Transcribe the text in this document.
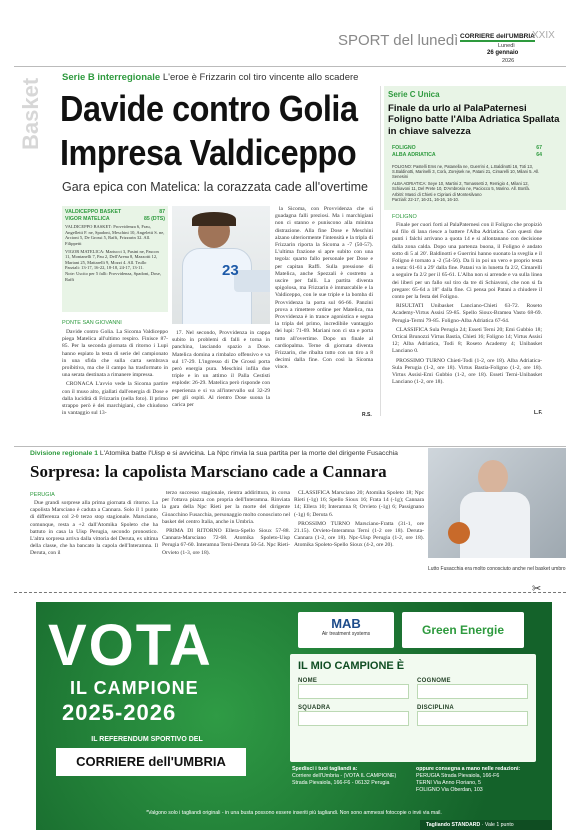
SPORT del lunedì CORRIERE dell'UMBRIA
Lunedì
26 gennaio
2026
XXIX
Basket
Serie B interregionale L'eroe è Frizzarin col tiro vincente allo scadere
Davide contro Golia
Impresa Valdiceppo
Gara epica con Matelica: la corazzata cade all'overtime
VALDICEPPO BASKET	87
VIGOR MATELICA	85 (DTS)
VALDICEPPO BASKET: Provvidenza 6, Frau, Angelletti F. ne, Spadoni, Meschini 10, Angeletti S. ne, Arcioni 5, De Grossi 5, Raffi, Frizzarin 32. All. Filippetti
VIGOR MATELICA: Mariucci 3, Pasini ne, Pascon 11, Montanelli 7, Pau 2, Dell'Arena 8, Mazzotti 12, Mariani 25, Mattarelli 9, Mozzi 4. All. Trullo
Parziali: 13-17, 16-22, 18-18, 24-17, 13-11.
Note: Uscito per 5 falli: Provvidenza, Spadoni, Dose, Raffi
23
PONTE SAN GIOVANNI

Davide contro Golia. La Sicoma Valdiceppo piega Matelica all'ultimo respiro. Finisce 87-85. Per la seconda giornata di ritorno i Lupi hanno espiato la testa di serie del campionato in una sfida che sulla carta sembrava proibitiva, ma che il campo ha trasformato in una serata destinata a rimanere impressa.

CRONACA L'avvio vede la Sicoma partire con il muso alto, giallati dall'energia di Dose e dalla lucidità di Frizzarin (nella foto). Il primo strappo però è dei marchigiani, che chiudono in vantaggio sul 13-

17. Nel secondo, Provvidenza in cappa subito in problemi di falli e torna in panchina, lasciando spazio a Dose. Matelica domina a rimbalzo offensivo e va sul 17-29. L'ingresso di De Grossi porta però energia pura. Meschini infila due triple e in un attimo il Palla Cestisti esplode: 26-29. Matelica però risponde con esperienza e si va all'intervallo sul 32-29 per gli ospiti. Al rientro Dose suona la carica per

la Sicoma, con Provvidenza che si guadagna falli preziosi. Ma i marchigiani non ci stanno e puniscono alla minima distrazione. Alla fine Dose e Meschini alzano ulteriormente l'intensità e la tripla di Frizzarin riporta la Sicoma a -7 (50-57). L'ultima frazione si apre subito con una tegola: quarto fallo personale per Dose e per capitan Raffi. Sulla pressione di Matelica, anche Spezzali è costretto a uscire per falli. La partita diventa spigolosa, ma Frizzarin è immarcabile e la Valdiceppo, con le sue triple e la bomba di Provvidenza la porta sul 66-66. Panzini prova a rimettere ordine per Matelica, ma Provvidenza è in trance agonistica e segna la tripla del primo, incredibile vantaggio dei lupi: 71-69. Mariani non ci sta e porta tutto all'overtime. Dopo un finale al cardiopalma. Terne di giornata diventa Frizzarin, che ribalta tutto con un tiro a 8 decimi dalla fine. Con così la Sicoma vince.

R.S.
Serie C Unica
Finale da urlo al PalaPaternesi Foligno batte l'Alba Adriatica Spallata in chiave salvezza
FOLIGNO	67
ALBA ADRIATICA	64
FOLIGNO: Pastelli Ems ne, Patanella ne, Guerrini 4, L.Baldinotti 16, Toti 13, S.Baldinotti, Marinelli 3, Corà, Zorejsek ne, Patani 21, Cimarelli 10, Milani 5. All. Senesini
ALBA ADRIATICA: Seye 10, Martini 2, Tomassetti 2, Remigio 4, Milani 12, Schiavoni 11, Del Prete 10, D'Ambrosio ne, Paciocco 5, Marino. All. Bonfà.
Arbitri: Masci di Chieti e Cipriani di Montesilvano
Parziali: 22-17, 16-21, 16-16, 16-10.
FOLIGNO

Finale per cuori forti al PalaPaternesi con il Foligno che propiziò sul filo di lana riesce a battere l'Alba Adriatica. Con questi due punti i falchi arrivano a quota 14 e si allontanano con decisione dalla zona calda. Dopo una partenza buona, il Foligno è andato sotto di 5 al 20'. Baldinotti e Guerrini hanno suonato la sveglia e il Foligno è tornato a -2 (54-56). Da lì in poi un vero e proprio testa a testa: 61-61 a 29' dalla fine. Patani va in lunetta fa 2/2, Cimarelli a seguire fa 2/2 per il 65-61. L'Alba non si arrende e va sulla linea dei liberi per un fallo sul tiro da tre di Schiavoni, che non si fa pregare: 65-64 a 18" dalla fine. Ci pensa poi Patani a chiudere il conto per la festa del Foligno.

RISULTATI Unibasket Lanciano-Chieti 63-72. Roseto Academy-Virtus Assisi 59-85. Spello Sioux-Bramea Vasto 68-69. Perugia-Termi 79-85. Foligno-Alba Adriatica 67-64.

CLASSIFICA Sula Perugia 24; Esseti Terni 20; Emi Gubbio 18; Orticai Brunozzi Virtus Bastia, Chieti 16; Foligno 14; Virtus Assisi 12; Alba Adriatica, Todi 8; Roseto Academy 4; Unibasket Lanciano 0.

PROSSIMO TURNO Chieti-Todi (1-2, ore 18). Alba Adriatica-Sula Perugia (1-2, ore 18). Virtus Bastia-Foligno (1-2, ore 18). Virtus Assisi-Emi Gubbio (1-2, ore 18). Esseti Terni-Unibasket Lanciano (1-2, ore 18).

L.F.
Divisione regionale 1 L'Atomika batte l'Uisp e si avvicina. La Npc rinvia la sua partita per la morte del dirigente Fusacchia
Sorpresa: la capolista Marsciano cade a Cannara
PERUGIA

Due grandi sorprese alla prima giornata di ritorno. La capolista Marsciano è caduta a Cannara. Solo il 1 punto di differenza col 2-0 terzo stop stagionale. Marsciano, comunque, resta a +2 dall'Atomika Spoleto che ha battuto in casa la Uisp Perugia, secondo pronostico. L'altra sorpresa arriva dalla vittoria del Deruta, ex ultima della classe, che ha bancato la capola dell'Interamna. Il Deruta, con il

terzo successo stagionale, rientra addirittura, in corsa per l'ottava piazza con propria dell'Interamna. Rinviata la gara della Npc Rieti per la morte del dirigente Gioacchino Fusacchia, personaggio molto conosciuto nel basket del centro Italia, anche in Umbria.

PRIMA DI RITORNO Ellera-Spello Sioux 57-88. Cannara-Marsciano 72-68. Atomika Spoleto-Uisp Perugia 67-60. Interamna Terni-Deruta 50-54. Npc Rieti-Orvieto (1-3, ore 18).

CLASSIFICA Marsciano 20; Atomika Spoleto 18; Npc Rieti (-1g) 16; Spello Sioux 16; Frata 14 (-1g); Cannara 14; Ellera 10; Interamna 8; Orvieto (-1g) 6; Passignano (-1g) 6; Deruta 6.

PROSSIMO TURNO Marsciano-Fratta (31-1, ore 21.15). Orvieto-Interamna Terni (1-2 ore 18). Deruta-Cannara (1-2, ore 18). Npc-Uisp Perugia (1-2, ore 18). Atomika Spoleto-Spello Sioux (4-2, ore 20).

Lutto Fusacchia era molto conosciuto anche nel basket umbro
✂
VOTA
IL CAMPIONE
2025-2026
IL REFERENDUM SPORTIVO DEL
CORRIERE dell'UMBRIA
MAB
Air treatment systems	Green Energie
IL MIO CAMPIONE È
NOME	COGNOME
SQUADRA	DISCIPLINA
Spedisci i tuoi tagliandi a:
Corriere dell'Umbria - (VOTA IL CAMPIONE)
Strada Pievaiola, 166-F6 - 06132 Perugia
oppure consegna a mano nelle redazioni:
PERUGIA Strada Pievaiola, 166-F6
TERNI Via Anno Floriano, 5
FOLIGNO Via Oberdan, 103
*Valgono solo i tagliandi originali - in una busta possono essere inseriti più tagliandi. Non sono ammessi fotocopie o invii via mail.
Tagliando STANDARD · Vale 1 punto
